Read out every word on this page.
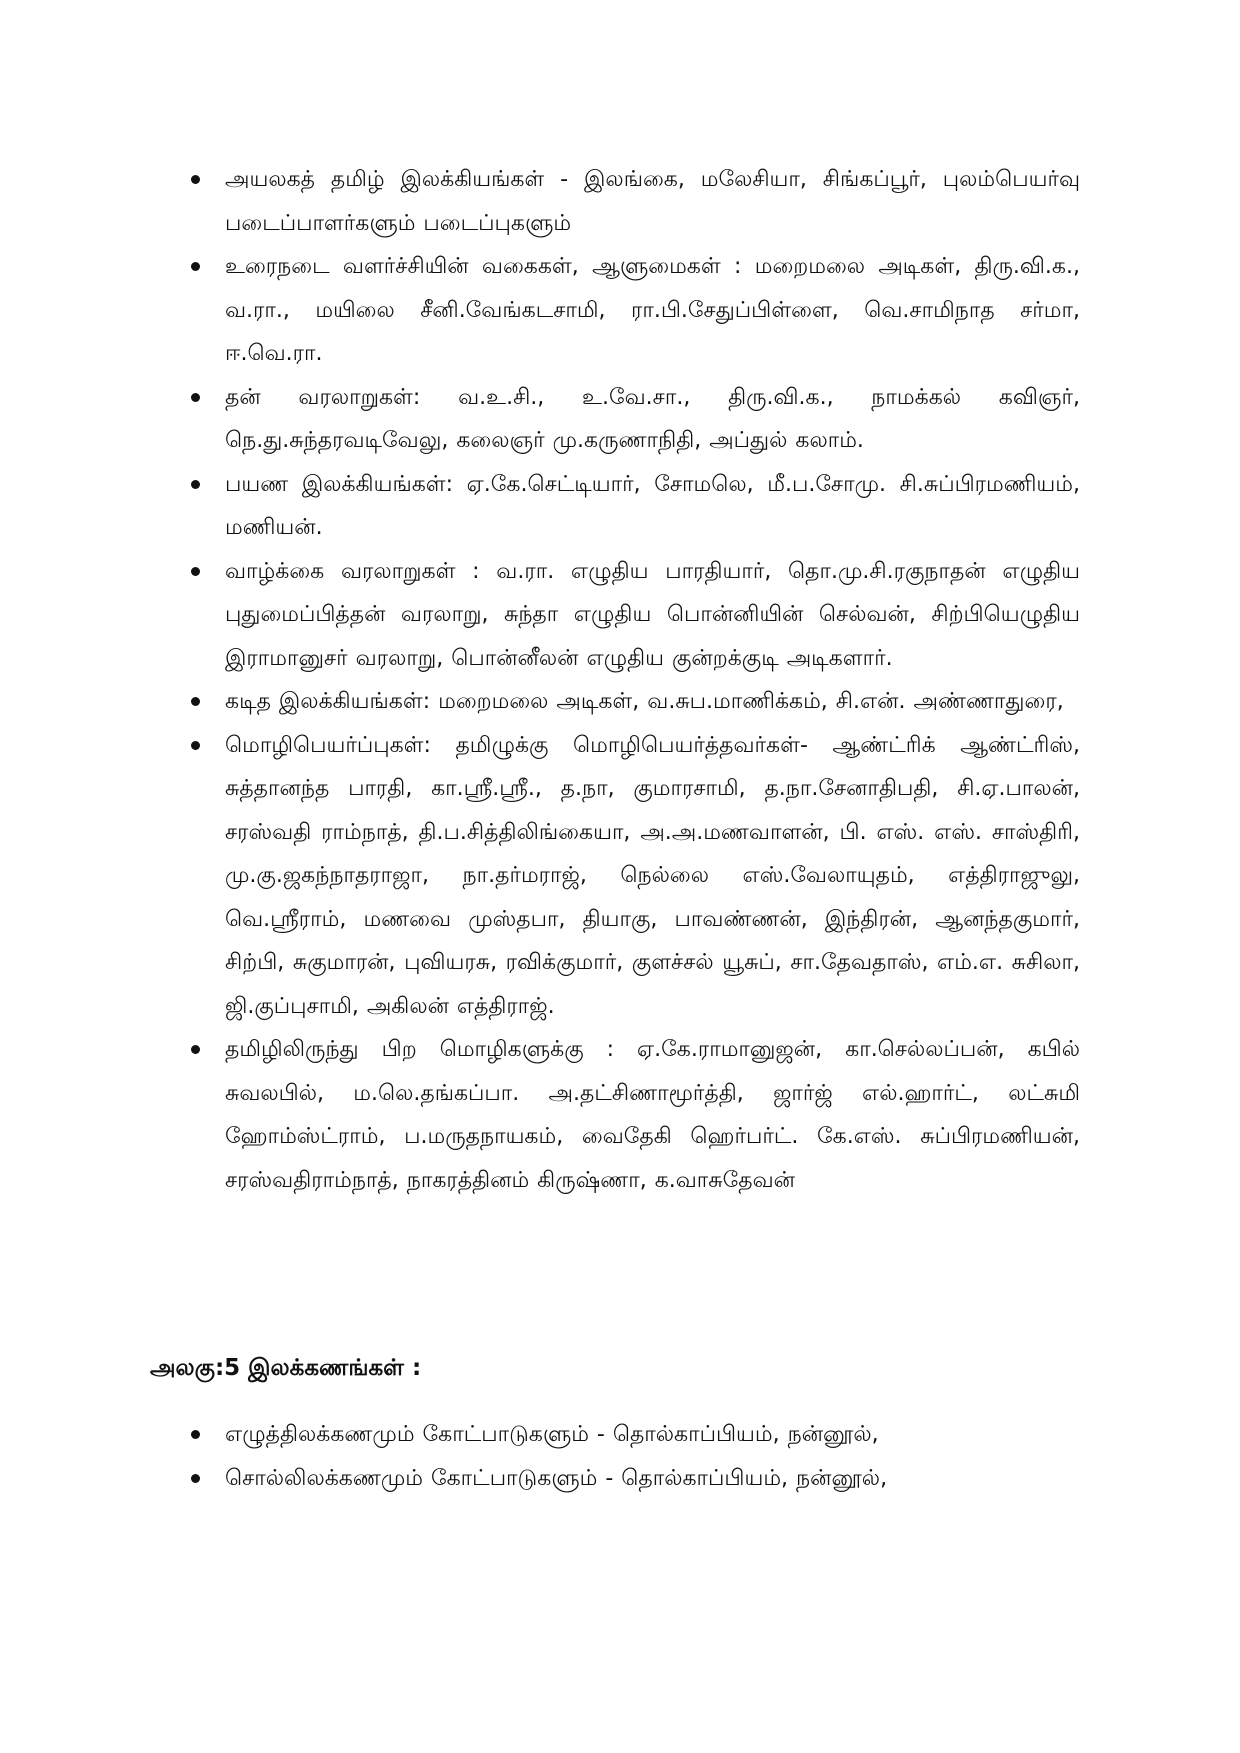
அயலகத் தமிழ் இலக்கியங்கள் - இலங்கை, மலேசியா, சிங்கப்பூர், புலம்பெயர்வு படைப்பாளர்களும் படைப்புகளும்
உரைநடை வளர்ச்சியின் வகைகள், ஆளுமைகள் : மறைமலை அடிகள், திரு.வி.க., வ.ரா., மயிலை சீனி.வேங்கடசாமி, ரா.பி.சேதுப்பிள்ளை, வெ.சாமிநாத சர்மா, ஈ.வெ.ரா.
தன் வரலாறுகள்: வ.உ.சி., உ.வே.சா., திரு.வி.க., நாமக்கல் கவிஞர், நெ.து.சுந்தரவடிவேலு, கலைஞர் மு.கருணாநிதி, அப்துல் கலாம்.
பயண இலக்கியங்கள்: ஏ.கே.செட்டியார், சோமலெ, மீ.ப.சோமு. சி.சுப்பிரமணியம், மணியன்.
வாழ்க்கை வரலாறுகள் : வ.ரா. எழுதிய பாரதியார், தொ.மு.சி.ரகுநாதன் எழுதிய புதுமைப்பித்தன் வரலாறு, சுந்தா எழுதிய பொன்னியின் செல்வன், சிற்பியெழுதிய இராமானுசர் வரலாறு, பொன்னீலன் எழுதிய குன்றக்குடி அடிகளார்.
கடித இலக்கியங்கள்: மறைமலை அடிகள், வ.சுப.மாணிக்கம், சி.என். அண்ணாதுரை,
மொழிபெயர்ப்புகள்: தமிழுக்கு மொழிபெயர்த்தவர்கள்- ஆண்ட்ரிக் ஆண்ட்ரிஸ், சுத்தானந்த பாரதி, கா.ஸ்ரீ.ஸ்ரீ., த.நா, குமாரசாமி, த.நா.சேனாதிபதி, சி.ஏ.பாலன், சரஸ்வதி ராம்நாத், தி.ப.சித்திலிங்கையா, அ.அ.மணவாளன், பி. எஸ். எஸ். சாஸ்திரி, மு.கு.ஜகந்நாதராஜா, நா.தர்மராஜ், நெல்லை எஸ்.வேலாயுதம், எத்திராஜுலு, வெ.ஸ்ரீராம், மணவை முஸ்தபா, தியாகு, பாவண்ணன், இந்திரன், ஆனந்தகுமார், சிற்பி, சுகுமாரன், புவியரசு, ரவிக்குமார், குளச்சல் யூசுப், சா.தேவதாஸ், எம்.எ. சுசிலா, ஜி.குப்புசாமி, அகிலன் எத்திராஜ்.
தமிழிலிருந்து பிற மொழிகளுக்கு : ஏ.கே.ராமானுஜன், கா.செல்லப்பன், கபில் சுவலபில், ம.லெ.தங்கப்பா. அ.தட்சிணாமூர்த்தி, ஜார்ஜ் எல்.ஹார்ட், லட்சுமி ஹோம்ஸ்ட்ராம், ப.மருதநாயகம், வைதேகி ஹெர்பர்ட். கே.எஸ். சுப்பிரமணியன், சரஸ்வதிராம்நாத், நாகரத்தினம் கிருஷ்ணா, க.வாசுதேவன்
அலகு:5 இலக்கணங்கள் :
எழுத்திலக்கணமும் கோட்பாடுகளும் - தொல்காப்பியம், நன்னூல்,
சொல்லிலக்கணமும் கோட்பாடுகளும் - தொல்காப்பியம், நன்னூல்,
